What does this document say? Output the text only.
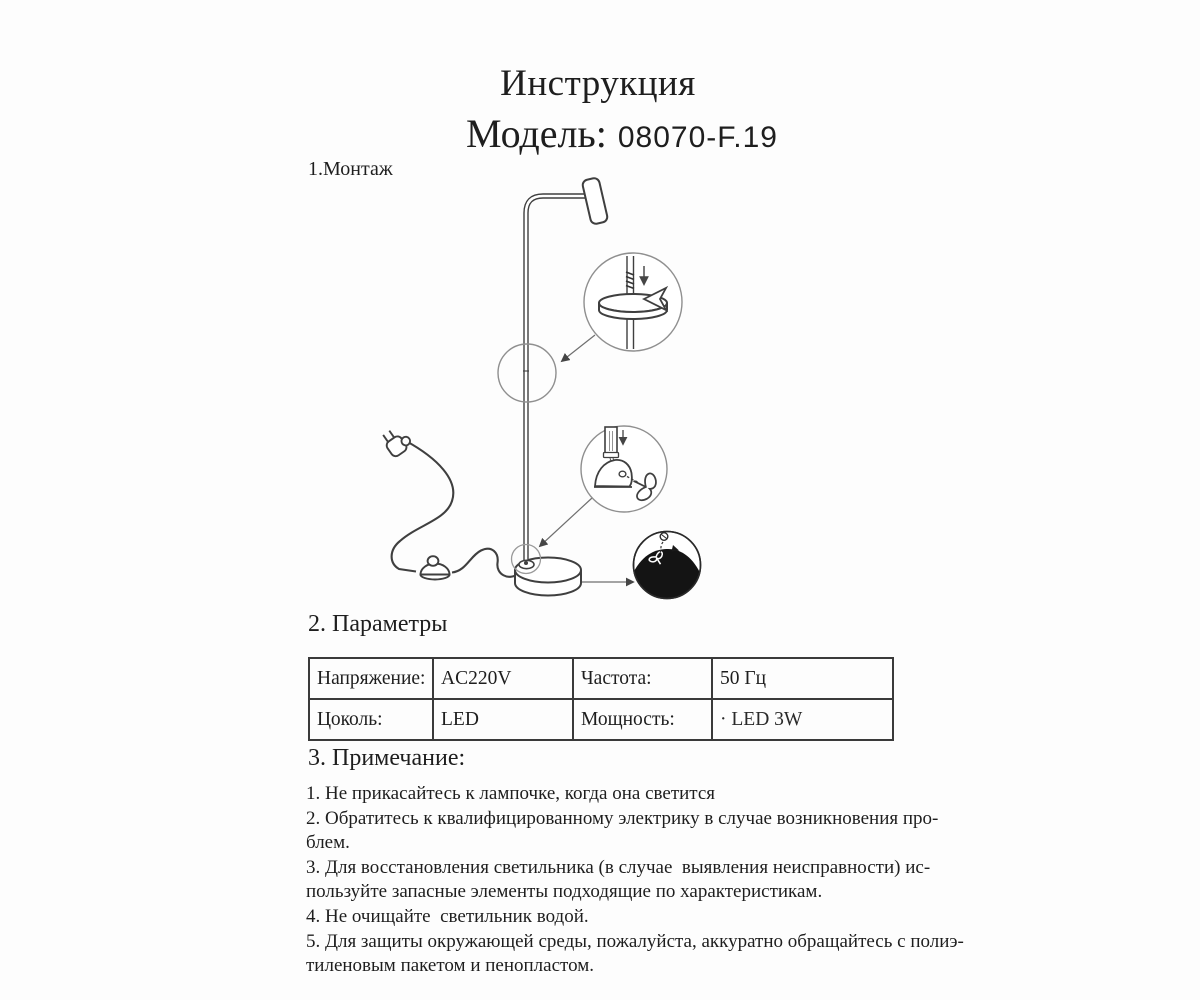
Инструкция
Модель: 08070-F.19
1.Монтаж
2. Параметры
Напряжение:	AC220V	Частота:	50 Гц
Цоколь:	LED	Мощность:	· LED 3W
3. Примечание:
1. Не прикасайтесь к лампочке, когда она светится
2. Обратитесь к квалифицированному электрику в случае возникновения про-
блем.
3. Для восстановления светильника (в случае  выявления неисправности) ис-
пользуйте запасные элементы подходящие по характеристикам.
4. Не очищайте  светильник водой.
5. Для защиты окружающей среды, пожалуйста, аккуратно обращайтесь с полиэ-
тиленовым пакетом и пенопластом.
